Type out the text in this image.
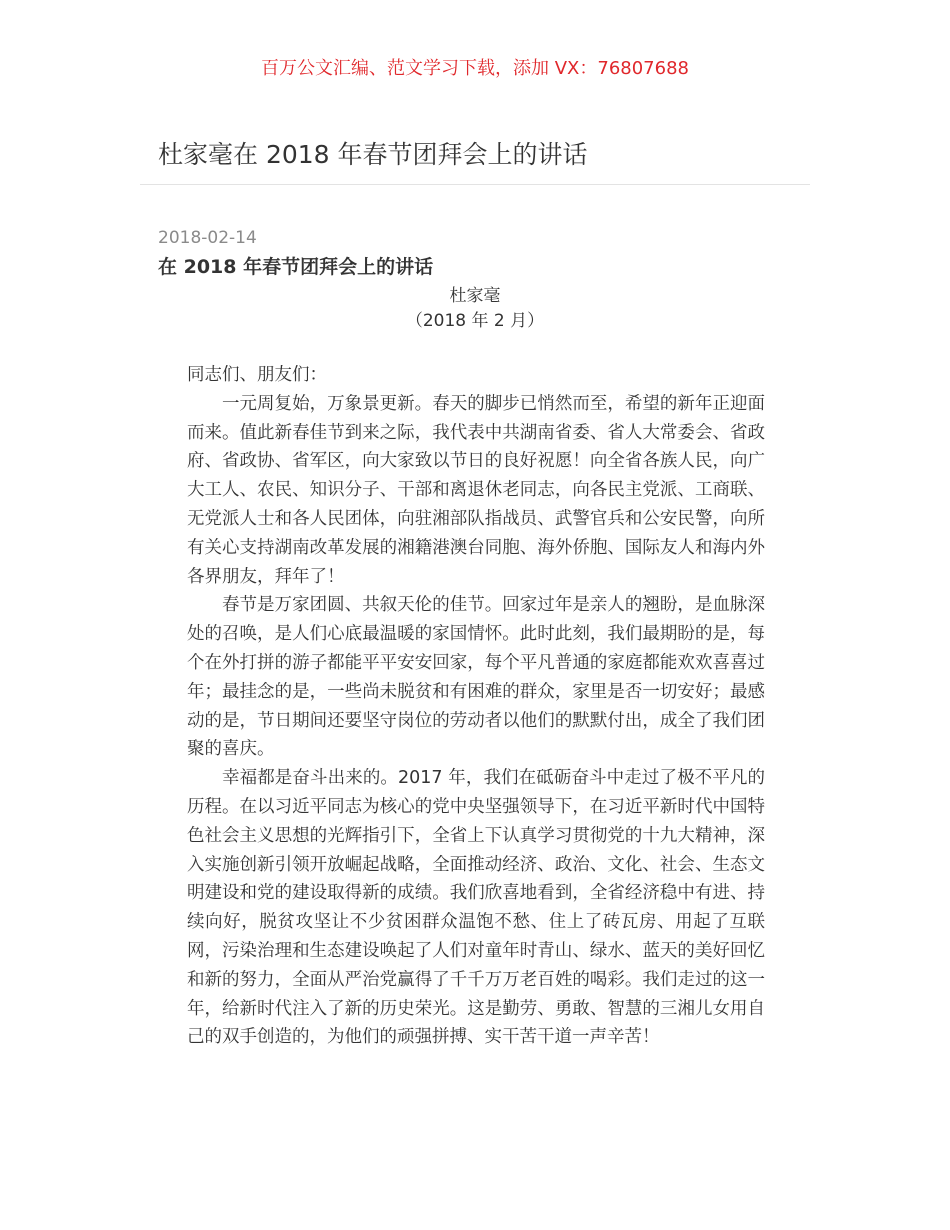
百万公文汇编、范文学习下载，添加 VX：76807688
杜家毫在 2018 年春节团拜会上的讲话
2018-02-14
在 2018 年春节团拜会上的讲话
杜家毫
（2018 年 2 月）

同志们、朋友们：

一元周复始，万象景更新。春天的脚步已悄然而至，希望的新年正迎面而来。值此新春佳节到来之际，我代表中共湖南省委、省人大常委会、省政府、省政协、省军区，向大家致以节日的良好祝愿！向全省各族人民，向广大工人、农民、知识分子、干部和离退休老同志，向各民主党派、工商联、无党派人士和各人民团体，向驻湘部队指战员、武警官兵和公安民警，向所有关心支持湖南改革发展的湘籍港澳台同胞、海外侨胞、国际友人和海内外各界朋友，拜年了！

春节是万家团圆、共叙天伦的佳节。回家过年是亲人的翘盼，是血脉深处的召唤，是人们心底最温暖的家国情怀。此时此刻，我们最期盼的是，每个在外打拼的游子都能平平安安回家，每个平凡普通的家庭都能欢欢喜喜过年；最挂念的是，一些尚未脱贫和有困难的群众，家里是否一切安好；最感动的是，节日期间还要坚守岗位的劳动者以他们的默默付出，成全了我们团聚的喜庆。

幸福都是奋斗出来的。2017 年，我们在砥砺奋斗中走过了极不平凡的历程。在以习近平同志为核心的党中央坚强领导下，在习近平新时代中国特色社会主义思想的光辉指引下，全省上下认真学习贯彻党的十九大精神，深入实施创新引领开放崛起战略，全面推动经济、政治、文化、社会、生态文明建设和党的建设取得新的成绩。我们欣喜地看到，全省经济稳中有进、持续向好，脱贫攻坚让不少贫困群众温饱不愁、住上了砖瓦房、用起了互联网，污染治理和生态建设唤起了人们对童年时青山、绿水、蓝天的美好回忆和新的努力，全面从严治党赢得了千千万万老百姓的喝彩。我们走过的这一年，给新时代注入了新的历史荣光。这是勤劳、勇敢、智慧的三湘儿女用自己的双手创造的，为他们的顽强拼搏、实干苦干道一声辛苦！
